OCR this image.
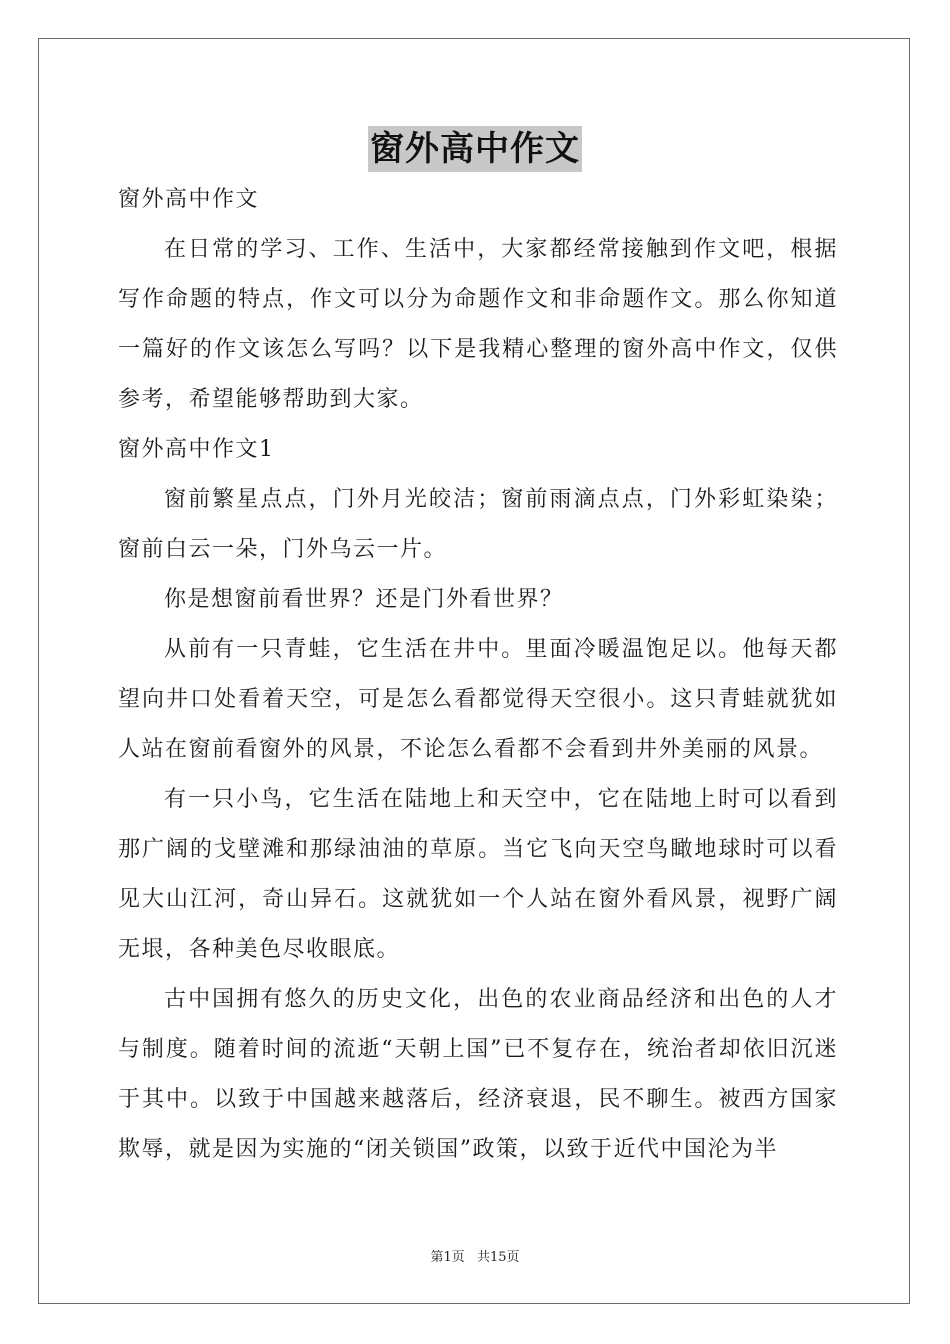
窗外高中作文

窗外高中作文

在日常的学习、工作、生活中，大家都经常接触到作文吧，根据写作命题的特点，作文可以分为命题作文和非命题作文。那么你知道一篇好的作文该怎么写吗？以下是我精心整理的窗外高中作文，仅供参考，希望能够帮助到大家。

窗外高中作文1

窗前繁星点点，门外月光皎洁；窗前雨滴点点，门外彩虹染染；窗前白云一朵，门外乌云一片。

你是想窗前看世界？还是门外看世界？

从前有一只青蛙，它生活在井中。里面冷暖温饱足以。他每天都望向井口处看着天空，可是怎么看都觉得天空很小。这只青蛙就犹如人站在窗前看窗外的风景，不论怎么看都不会看到井外美丽的风景。

有一只小鸟，它生活在陆地上和天空中，它在陆地上时可以看到那广阔的戈壁滩和那绿油油的草原。当它飞向天空鸟瞰地球时可以看见大山江河，奇山异石。这就犹如一个人站在窗外看风景，视野广阔无垠，各种美色尽收眼底。

古中国拥有悠久的历史文化，出色的农业商品经济和出色的人才与制度。随着时间的流逝“天朝上国”已不复存在，统治者却依旧沉迷于其中。以致于中国越来越落后，经济衰退，民不聊生。被西方国家欺辱，就是因为实施的“闭关锁国”政策，以致于近代中国沦为半

第1页 共15页
